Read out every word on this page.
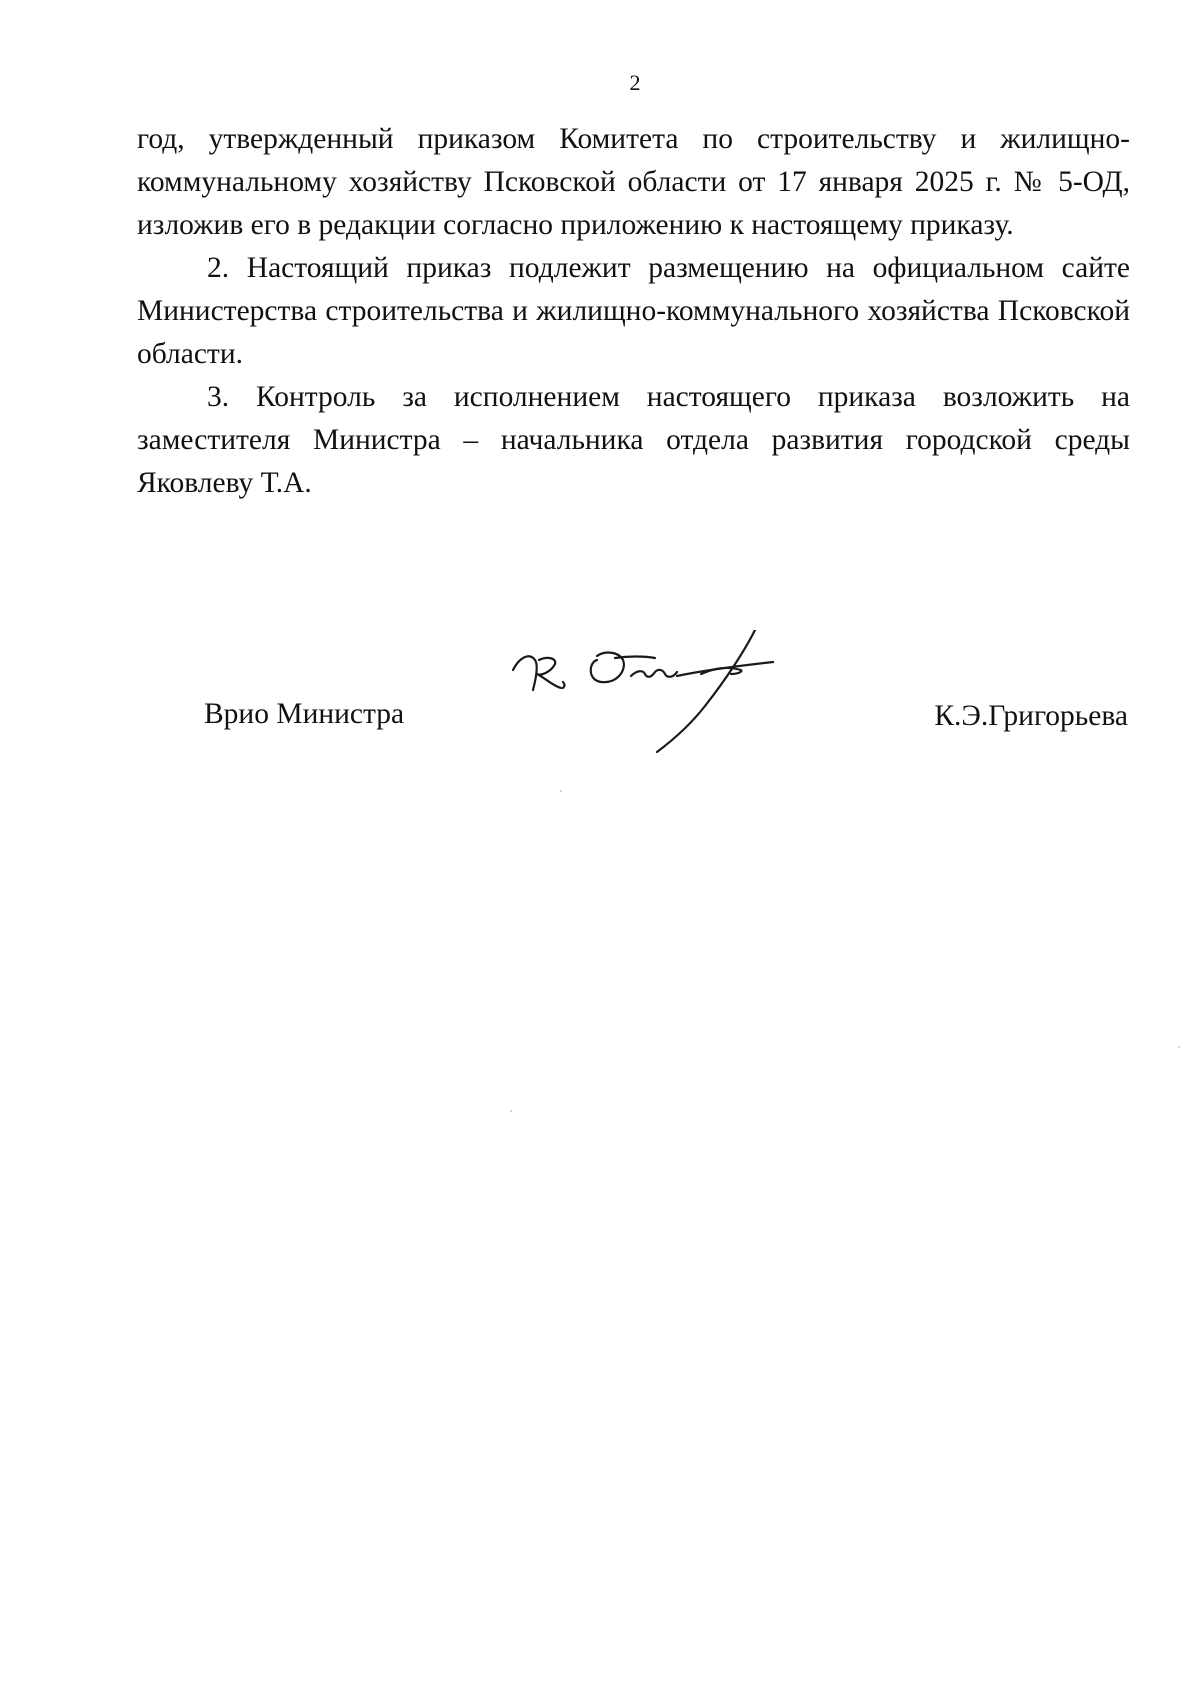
2

год, утвержденный приказом Комитета по строительству и жилищно-коммунальному хозяйству Псковской области от 17 января 2025 г. № 5-ОД, изложив его в редакции согласно приложению к настоящему приказу.

2. Настоящий приказ подлежит размещению на официальном сайте Министерства строительства и жилищно-коммунального хозяйства Псковской области.

3. Контроль за исполнением настоящего приказа возложить на заместителя Министра – начальника отдела развития городской среды Яковлеву Т.А.

Врио Министра	К.Э.Григорьева
